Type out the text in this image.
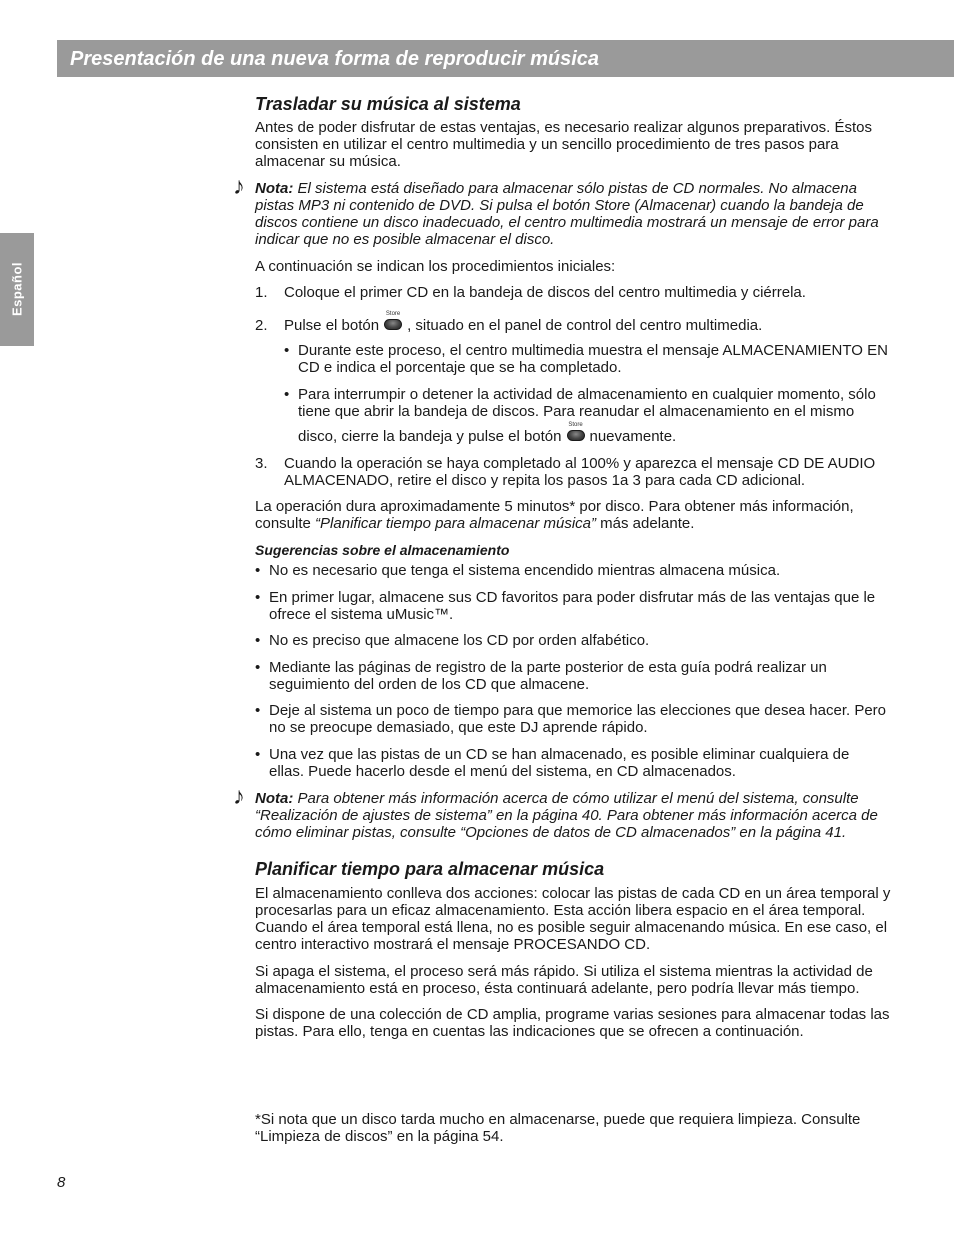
Presentación de una nueva forma de reproducir música
Español
Trasladar su música al sistema

Antes de poder disfrutar de estas ventajas, es necesario realizar algunos preparativos. Éstos consisten en utilizar el centro multimedia y un sencillo procedimiento de tres pasos para almacenar su música.

♪ Nota: El sistema está diseñado para almacenar sólo pistas de CD normales. No almacena pistas MP3 ni contenido de DVD. Si pulsa el botón Store (Almacenar) cuando la bandeja de discos contiene un disco inadecuado, el centro multimedia mostrará un mensaje de error para indicar que no es posible almacenar el disco.

A continuación se indican los procedimientos iniciales:

1. Coloque el primer CD en la bandeja de discos del centro multimedia y ciérrela.
2. Pulse el botón
Store
, situado en el panel de control del centro multimedia.
• Durante este proceso, el centro multimedia muestra el mensaje ALMACENAMIENTO EN CD e indica el porcentaje que se ha completado.
• Para interrumpir o detener la actividad de almacenamiento en cualquier momento, sólo tiene que abrir la bandeja de discos. Para reanudar el almacenamiento en el mismo
disco, cierre la bandeja y pulse el botón
Store
nuevamente.
3. Cuando la operación se haya completado al 100% y aparezca el mensaje CD DE AUDIO ALMACENADO, retire el disco y repita los pasos 1a 3 para cada CD adicional.

La operación dura aproximadamente 5 minutos* por disco. Para obtener más información, consulte “Planificar tiempo para almacenar música” más adelante.

Sugerencias sobre el almacenamiento
• No es necesario que tenga el sistema encendido mientras almacena música.
• En primer lugar, almacene sus CD favoritos para poder disfrutar más de las ventajas que le ofrece el sistema uMusic™.
• No es preciso que almacene los CD por orden alfabético.
• Mediante las páginas de registro de la parte posterior de esta guía podrá realizar un seguimiento del orden de los CD que almacene.
• Deje al sistema un poco de tiempo para que memorice las elecciones que desea hacer. Pero no se preocupe demasiado, que este DJ aprende rápido.
• Una vez que las pistas de un CD se han almacenado, es posible eliminar cualquiera de ellas. Puede hacerlo desde el menú del sistema, en CD almacenados.

♪ Nota: Para obtener más información acerca de cómo utilizar el menú del sistema, consulte “Realización de ajustes de sistema” en la página 40. Para obtener más información acerca de cómo eliminar pistas, consulte “Opciones de datos de CD almacenados” en la página 41.

Planificar tiempo para almacenar música

El almacenamiento conlleva dos acciones: colocar las pistas de cada CD en un área temporal y procesarlas para un eficaz almacenamiento. Esta acción libera espacio en el área temporal. Cuando el área temporal está llena, no es posible seguir almacenando música. En ese caso, el centro interactivo mostrará el mensaje PROCESANDO CD.

Si apaga el sistema, el proceso será más rápido. Si utiliza el sistema mientras la actividad de almacenamiento está en proceso, ésta continuará adelante, pero podría llevar más tiempo.

Si dispone de una colección de CD amplia, programe varias sesiones para almacenar todas las pistas. Para ello, tenga en cuentas las indicaciones que se ofrecen a continuación.

*Si nota que un disco tarda mucho en almacenarse, puede que requiera limpieza. Consulte “Limpieza de discos” en la página 54.

8
